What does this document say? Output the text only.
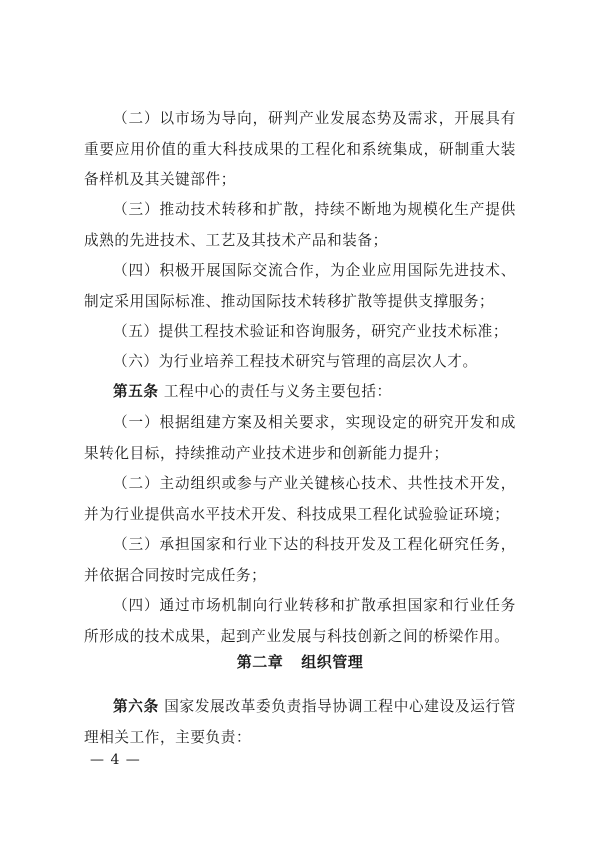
（二）以市场为导向，研判产业发展态势及需求，开展具有重要应用价值的重大科技成果的工程化和系统集成，研制重大装备样机及其关键部件；

（三）推动技术转移和扩散，持续不断地为规模化生产提供成熟的先进技术、工艺及其技术产品和装备；

（四）积极开展国际交流合作，为企业应用国际先进技术、制定采用国际标准、推动国际技术转移扩散等提供支撑服务；

（五）提供工程技术验证和咨询服务，研究产业技术标准；

（六）为行业培养工程技术研究与管理的高层次人才。

第五条 工程中心的责任与义务主要包括：

（一）根据组建方案及相关要求，实现设定的研究开发和成果转化目标，持续推动产业技术进步和创新能力提升；

（二）主动组织或参与产业关键核心技术、共性技术开发，并为行业提供高水平技术开发、科技成果工程化试验验证环境；

（三）承担国家和行业下达的科技开发及工程化研究任务，并依据合同按时完成任务；

（四）通过市场机制向行业转移和扩散承担国家和行业任务所形成的技术成果，起到产业发展与科技创新之间的桥梁作用。

第二章 组织管理

第六条 国家发展改革委负责指导协调工程中心建设及运行管理相关工作，主要负责：

— 4 —
